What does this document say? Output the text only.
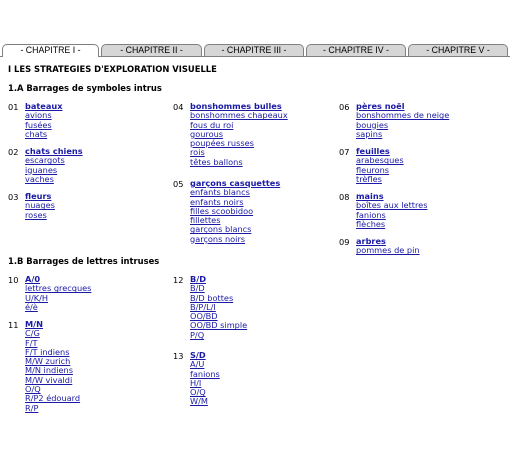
- CHAPITRE I -	- CHAPITRE II -	- CHAPITRE III -	- CHAPITRE IV -	- CHAPITRE V -
I LES STRATEGIES D'EXPLORATION VISUELLE
1.A Barrages de symboles intrus
01 bateaux
avions
fusées
chats
02 chats chiens
escargots
iguanes
vaches
03 fleurs
nuages
roses
04 bonshommes bulles
bonshommes chapeaux
fous du roi
gourous
poupées russes
rois
têtes ballons
05 garçons casquettes
enfants blancs
enfants noirs
filles scoobidoo
fillettes
garçons blancs
garçons noirs
06 pères noël
bonshommes de neige
bougies
sapins
07 feuilles
arabesques
fleurons
trèfles
08 mains
boîtes aux lettres
fanions
flèches
09 arbres
pommes de pin
1.B Barrages de lettres intruses
10 A/0
lettres grecques
U/K/H
é/è
11 M/N
C/G
F/T
F/T indiens
M/W zurich
M/N indiens
M/W vivaldi
O/Q
R/P2 édouard
R/P
12 B/D
B/D
B/D bottes
B/P/L/I
OO/BD
OO/BD simple
P/Q
13 S/D
A/U
fanions
H/I
O/Q
W/M
